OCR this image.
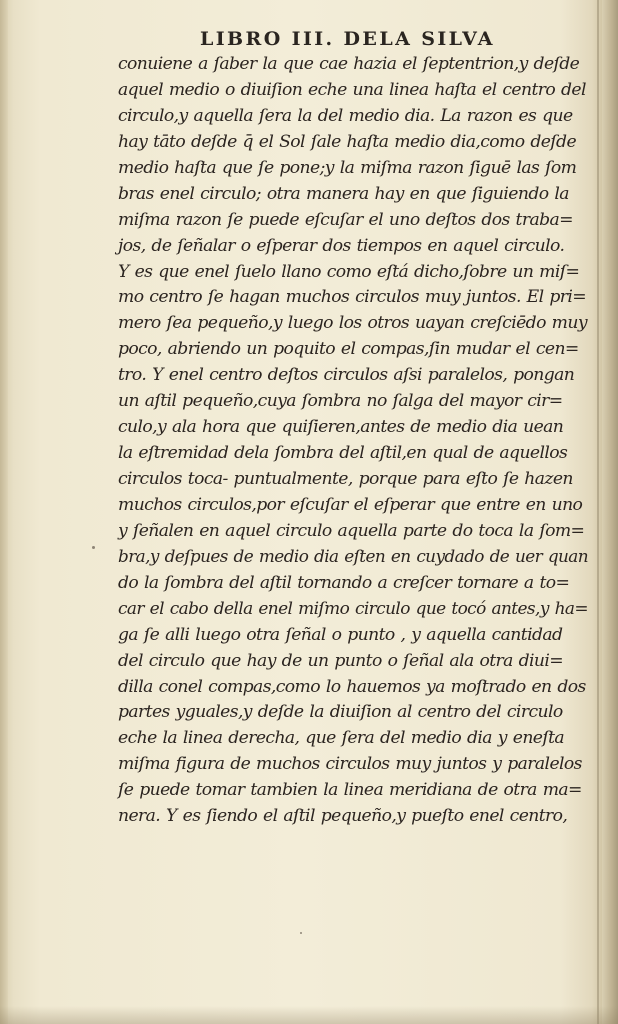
LIBRO III. DELA SILVA
conuiene a ſaber la que cae hazia el ſeptentrion,y deſde
aquel medio o diuiſion eche una linea haſta el centro del
circulo,y aquella ſera la del medio dia. La razon es que
hay tāto deſde q̄ el Sol ſale haſta medio dia,como deſde
medio haſta que ſe pone;y la miſma razon ſiguē las ſom
bras enel circulo; otra manera hay en que ſiguiendo la
miſma razon ſe puede eſcuſar el uno deſtos dos traba=
jos, de ſeñalar o eſperar dos tiempos en aquel circulo.
Y es que enel ſuelo llano como eſtá dicho,ſobre un miſ=
mo centro ſe hagan muchos circulos muy juntos. El pri=
mero ſea pequeño,y luego los otros uayan creſciēdo muy
poco, abriendo un poquito el compas,ſin mudar el cen=
tro. Y enel centro deſtos circulos aſsi paralelos, pongan
un aſtil pequeño,cuya ſombra no ſalga del mayor cir=
culo,y ala hora que quiſieren,antes de medio dia uean
la eſtremidad dela ſombra del aſtil,en qual de aquellos
circulos toca- puntualmente, porque para eſto ſe hazen
muchos circulos,por eſcuſar el eſperar que entre en uno
y ſeñalen en aquel circulo aquella parte do toca la ſom=
bra,y deſpues de medio dia eſten en cuydado de uer quan
do la ſombra del aſtil tornando a creſcer tornare a to=
car el cabo della enel miſmo circulo que tocó antes,y ha=
ga ſe alli luego otra ſeñal o punto , y aquella cantidad
del circulo que hay de un punto o ſeñal ala otra diui=
dilla conel compas,como lo hauemos ya moſtrado en dos
partes yguales,y deſde la diuiſion al centro del circulo
eche la linea derecha, que ſera del medio dia y eneſta
miſma figura de muchos circulos muy juntos y paralelos
ſe puede tomar tambien la linea meridiana de otra ma=
nera. Y es ſiendo el aſtil pequeño,y pueſto enel centro,
